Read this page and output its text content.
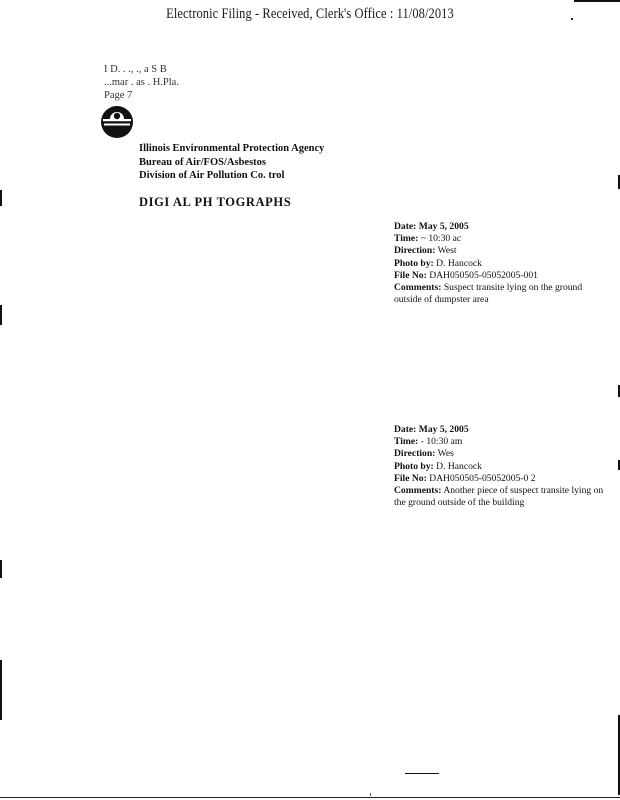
Electronic Filing - Received, Clerk's Office : 11/08/2013
I D. . ., ., a S B
...mar . as . H.Pla.
Page 7
Illinois Environmental Protection Agency
Bureau of Air/FOS/Asbestos
Division of Air Pollution Co. trol
DIGI AL PH TOGRAPHS
Date: May 5, 2005
Time: ~ 10:30 ac
Direction: West
Photo by: D. Hancock
File No: DAH050505-05052005-001
Comments: Suspect transite lying on the ground outside of dumpster area
Date: May 5, 2005
Time: - 10:30 am
Direction: Wes
Photo by: D. Hancock
File No: DAH050505-05052005-0 2
Comments: Another piece of suspect transite lying on the ground outside of the building
